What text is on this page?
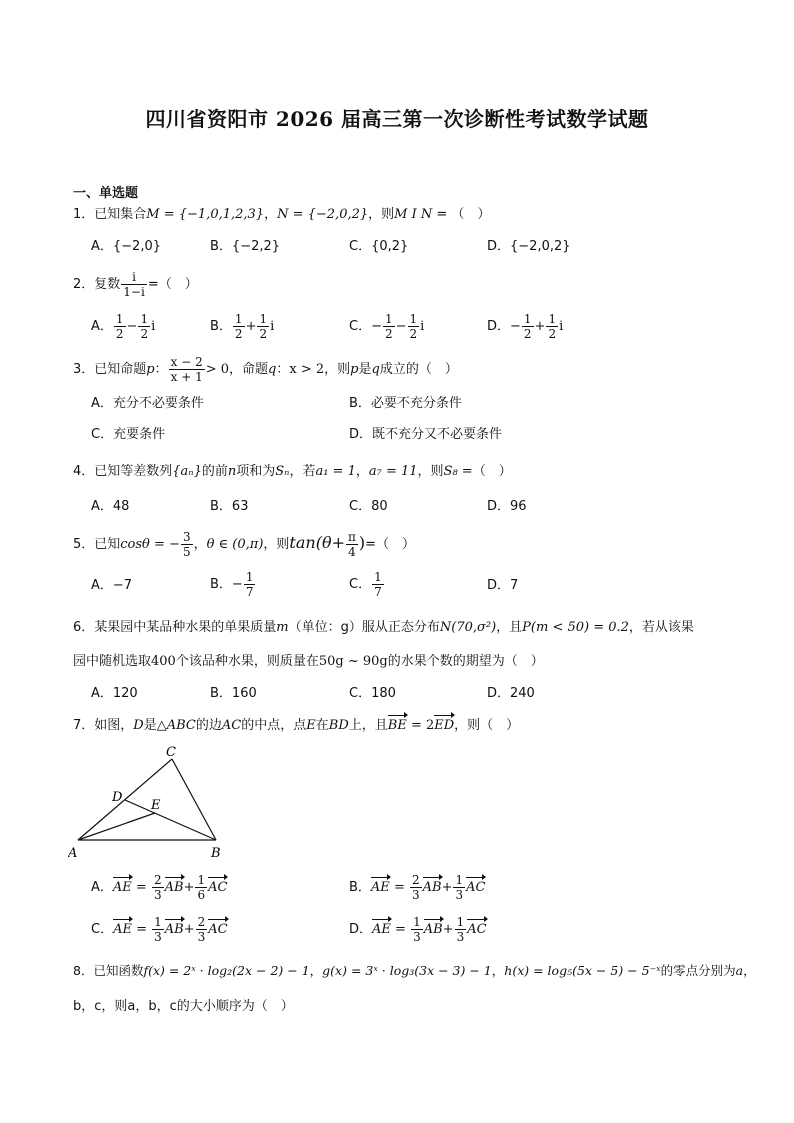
四川省资阳市 2026 届高三第一次诊断性考试数学试题
一、单选题
1．已知集合M = {−1,0,1,2,3}，N = {−2,0,2}，则M I N = （　）
A．{−2,0}	B．{−2,2}	C．{0,2}	D．{−2,0,2}
2．复数 $\frac{i}{1-i}$ =（　）
A． $\frac{1}{2} - \frac{1}{2}$ i	B． $\frac{1}{2} + \frac{1}{2}$ i	C．− $\frac{1}{2} - \frac{1}{2}$ i	D．− $\frac{1}{2} + \frac{1}{2}$ i
3．已知命题p： $\frac{x - 2}{x + 1} > 0$，命题q：x > 2，则p是q成立的（　）
A．充分不必要条件	B．必要不充分条件
C．充要条件	D．既不充分又不必要条件
4．已知等差数列{aₙ}的前n项和为Sₙ，若a₁ = 1，a₇ = 11，则S₈ =（　）
A．48	B．63	C．80	D．96
5．已知cosθ = − $\frac{3}{5}$ ，θ ∈ (0,π)，则$\tan(\theta+ \frac{\pi}{4}$ )=（　）
A．−7	B．− $\frac{1}{7}$	C． $\frac{1}{7}$	D．7
6．某果园中某品种水果的单果质量m（单位：g）服从正态分布N(70,σ²)，且P(m < 50) = 0.2，若从该果
园中随机选取400个该品种水果，则质量在50g ~ 90g的水果个数的期望为（　）
A．120	B．160	C．180	D．240
7．如图，D是△ABC的边AC的中点，点E在BD上，且BE = 2ED，则（　）
A	B
C
D
E
A．AE = $\frac{2}{3} AB+ \frac{1}{6}$ AC	B．AE = $\frac{2}{3} AB+ \frac{1}{3}$ AC
C．AE = $\frac{1}{3} AB+ \frac{2}{3}$ AC	D．AE = $\frac{1}{3} AB+ \frac{1}{3}$ AC
8．已知函数f(x) = 2ˣ · log₂(2x − 2) − 1，g(x) = 3ˣ · log₃(3x − 3) − 1，h(x) = log₅(5x − 5) − 5⁻ˣ的零点分别为a，
b，c，则a，b，c的大小顺序为（　）
